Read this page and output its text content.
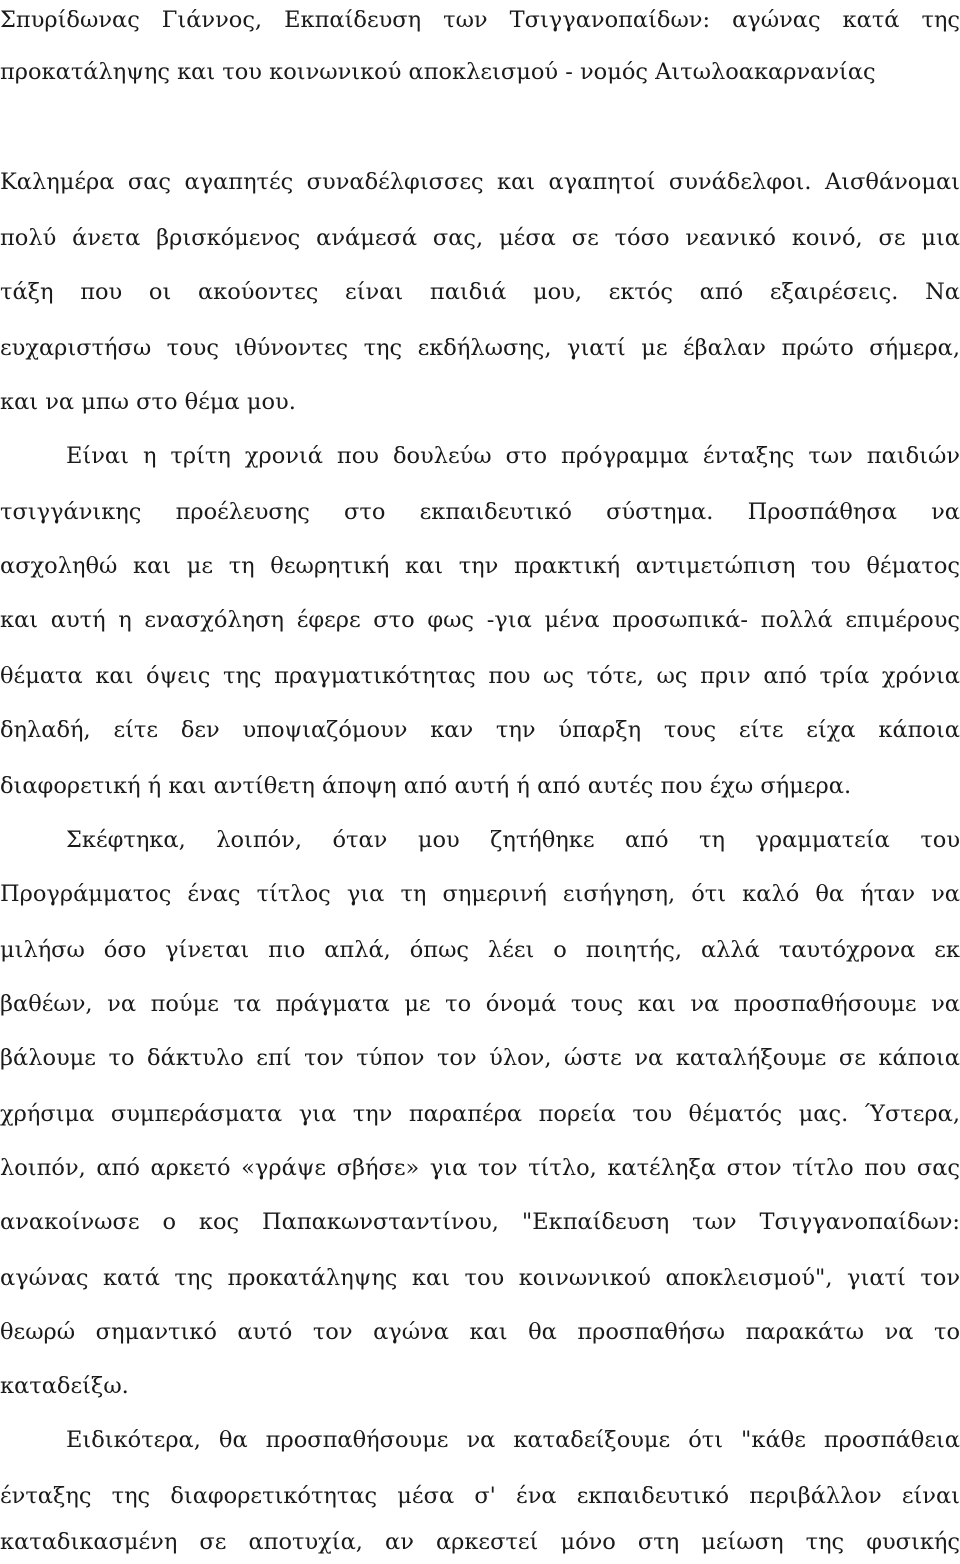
Σπυρίδωνας Γιάννος, Εκπαίδευση των Τσιγγανοπαίδων: αγώνας κατά της
προκατάληψης και του κοινωνικού αποκλεισμού - νομός Αιτωλοακαρνανίας
Καλημέρα σας αγαπητές συναδέλφισσες και αγαπητοί συνάδελφοι. Αισθάνομαι
πολύ άνετα βρισκόμενος ανάμεσά σας, μέσα σε τόσο νεανικό κοινό, σε μια
τάξη που οι ακούοντες είναι παιδιά μου, εκτός από εξαιρέσεις. Να
ευχαριστήσω τους ιθύνοντες της εκδήλωσης, γιατί με έβαλαν πρώτο σήμερα,
και να μπω στο θέμα μου.
Είναι η τρίτη χρονιά που δουλεύω στο πρόγραμμα ένταξης των παιδιών
τσιγγάνικης προέλευσης στο εκπαιδευτικό σύστημα. Προσπάθησα να
ασχοληθώ και με τη θεωρητική και την πρακτική αντιμετώπιση του θέματος
και αυτή η ενασχόληση έφερε στο φως -για μένα προσωπικά- πολλά επιμέρους
θέματα και όψεις της πραγματικότητας που ως τότε, ως πριν από τρία χρόνια
δηλαδή, είτε δεν υποψιαζόμουν καν την ύπαρξη τους είτε είχα κάποια
διαφορετική ή και αντίθετη άποψη από αυτή ή από αυτές που έχω σήμερα.
Σκέφτηκα, λοιπόν, όταν μου ζητήθηκε από τη γραμματεία του
Προγράμματος ένας τίτλος για τη σημερινή εισήγηση, ότι καλό θα ήταν να
μιλήσω όσο γίνεται πιο απλά, όπως λέει ο ποιητής, αλλά ταυτόχρονα εκ
βαθέων, να πούμε τα πράγματα με το όνομά τους και να προσπαθήσουμε να
βάλουμε το δάκτυλο επί τον τύπον τον ύλον, ώστε να καταλήξουμε σε κάποια
χρήσιμα συμπεράσματα για την παραπέρα πορεία του θέματός μας. Ύστερα,
λοιπόν, από αρκετό «γράψε σβήσε» για τον τίτλο, κατέληξα στον τίτλο που σας
ανακοίνωσε ο κος Παπακωνσταντίνου, "Εκπαίδευση των Τσιγγανοπαίδων:
αγώνας κατά της προκατάληψης και του κοινωνικού αποκλεισμού", γιατί τον
θεωρώ σημαντικό αυτό τον αγώνα και θα προσπαθήσω παρακάτω να το
καταδείξω.
Ειδικότερα, θα προσπαθήσουμε να καταδείξουμε ότι "κάθε προσπάθεια
ένταξης της διαφορετικότητας μέσα σ' ένα εκπαιδευτικό περιβάλλον είναι
καταδικασμένη σε αποτυχία, αν αρκεστεί μόνο στη μείωση της φυσικής
